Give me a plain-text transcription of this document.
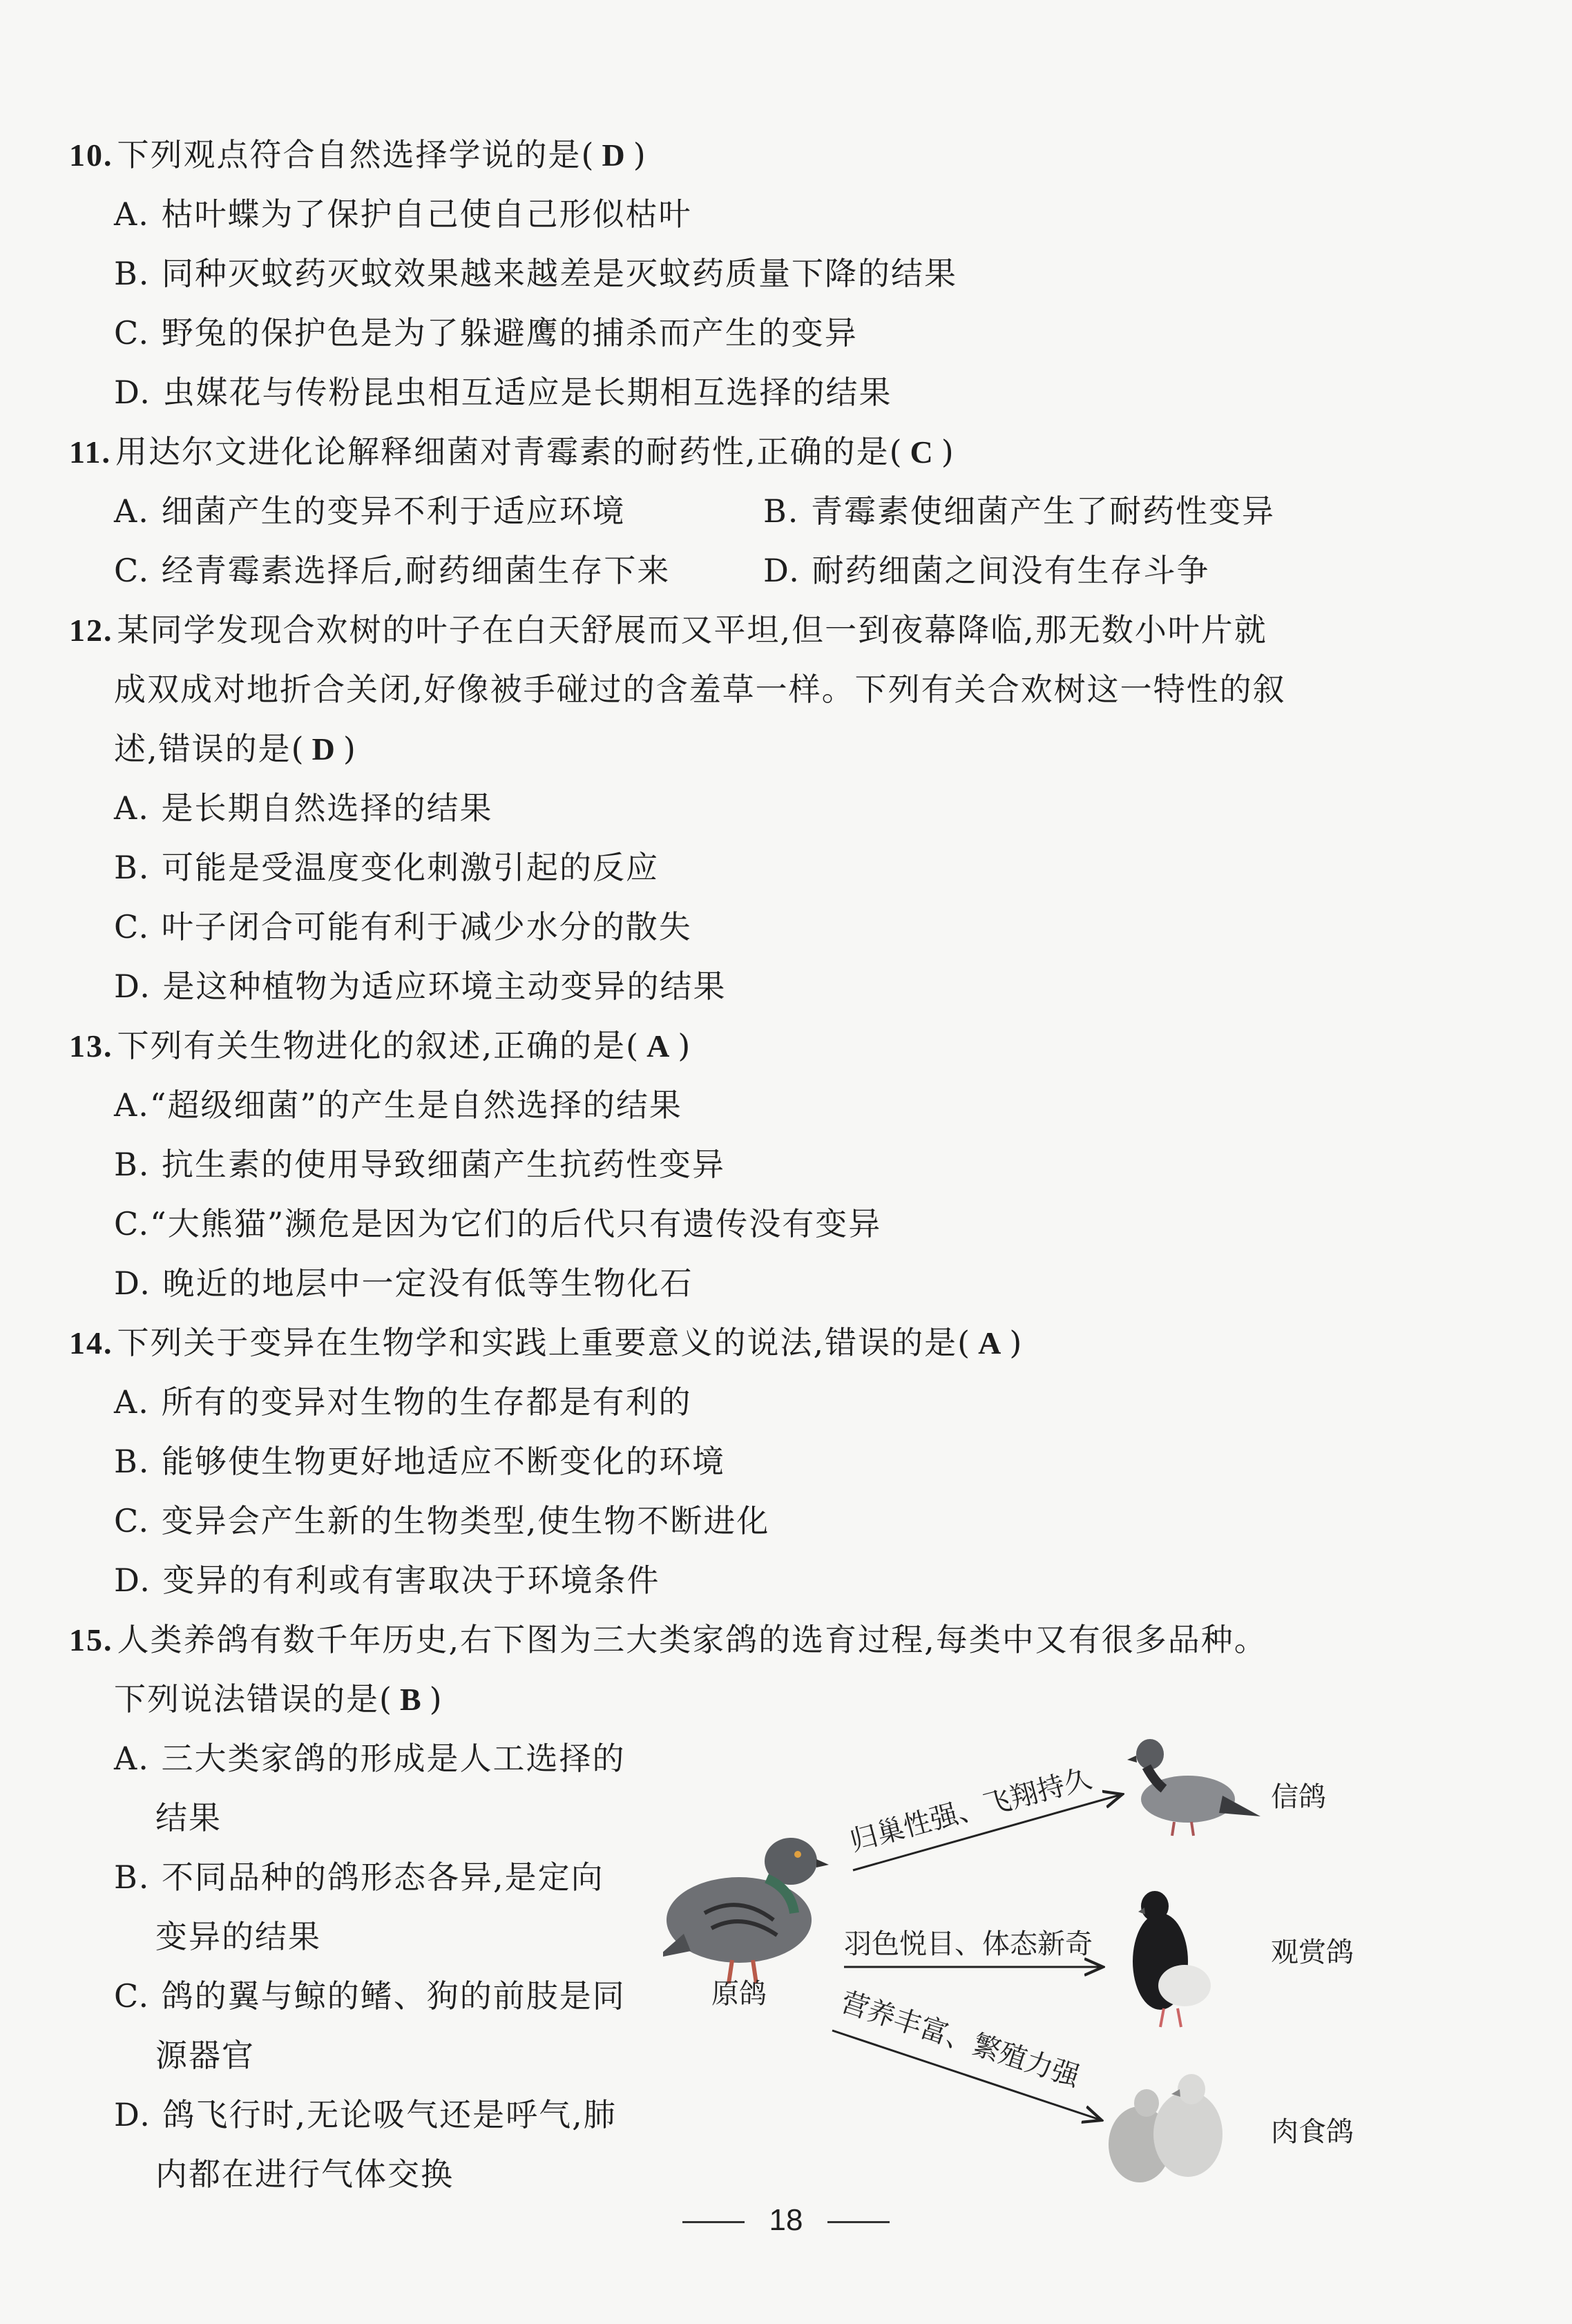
10. 下列观点符合自然选择学说的是( D )
A. 枯叶蝶为了保护自己使自己形似枯叶
B. 同种灭蚊药灭蚊效果越来越差是灭蚊药质量下降的结果
C. 野兔的保护色是为了躲避鹰的捕杀而产生的变异
D. 虫媒花与传粉昆虫相互适应是长期相互选择的结果
11. 用达尔文进化论解释细菌对青霉素的耐药性,正确的是( C )
A. 细菌产生的变异不利于适应环境	B. 青霉素使细菌产生了耐药性变异
C. 经青霉素选择后,耐药细菌生存下来	D. 耐药细菌之间没有生存斗争
12. 某同学发现合欢树的叶子在白天舒展而又平坦,但一到夜幕降临,那无数小叶片就
成双成对地折合关闭,好像被手碰过的含羞草一样。下列有关合欢树这一特性的叙
述,错误的是( D )
A. 是长期自然选择的结果
B. 可能是受温度变化刺激引起的反应
C. 叶子闭合可能有利于减少水分的散失
D. 是这种植物为适应环境主动变异的结果
13. 下列有关生物进化的叙述,正确的是( A )
A.“超级细菌”的产生是自然选择的结果
B. 抗生素的使用导致细菌产生抗药性变异
C.“大熊猫”濒危是因为它们的后代只有遗传没有变异
D. 晚近的地层中一定没有低等生物化石
14. 下列关于变异在生物学和实践上重要意义的说法,错误的是( A )
A. 所有的变异对生物的生存都是有利的
B. 能够使生物更好地适应不断变化的环境
C. 变异会产生新的生物类型,使生物不断进化
D. 变异的有利或有害取决于环境条件
15. 人类养鸽有数千年历史,右下图为三大类家鸽的选育过程,每类中又有很多品种。
下列说法错误的是( B )
A. 三大类家鸽的形成是人工选择的
结果
B. 不同品种的鸽形态各异,是定向
变异的结果
C. 鸽的翼与鲸的鳍、狗的前肢是同
源器官
D. 鸽飞行时,无论吸气还是呼气,肺
内都在进行气体交换
原鸽
归巢性强、飞翔持久
羽色悦目、体态新奇
营养丰富、繁殖力强
信鸽
观赏鸽
肉食鸽
18
